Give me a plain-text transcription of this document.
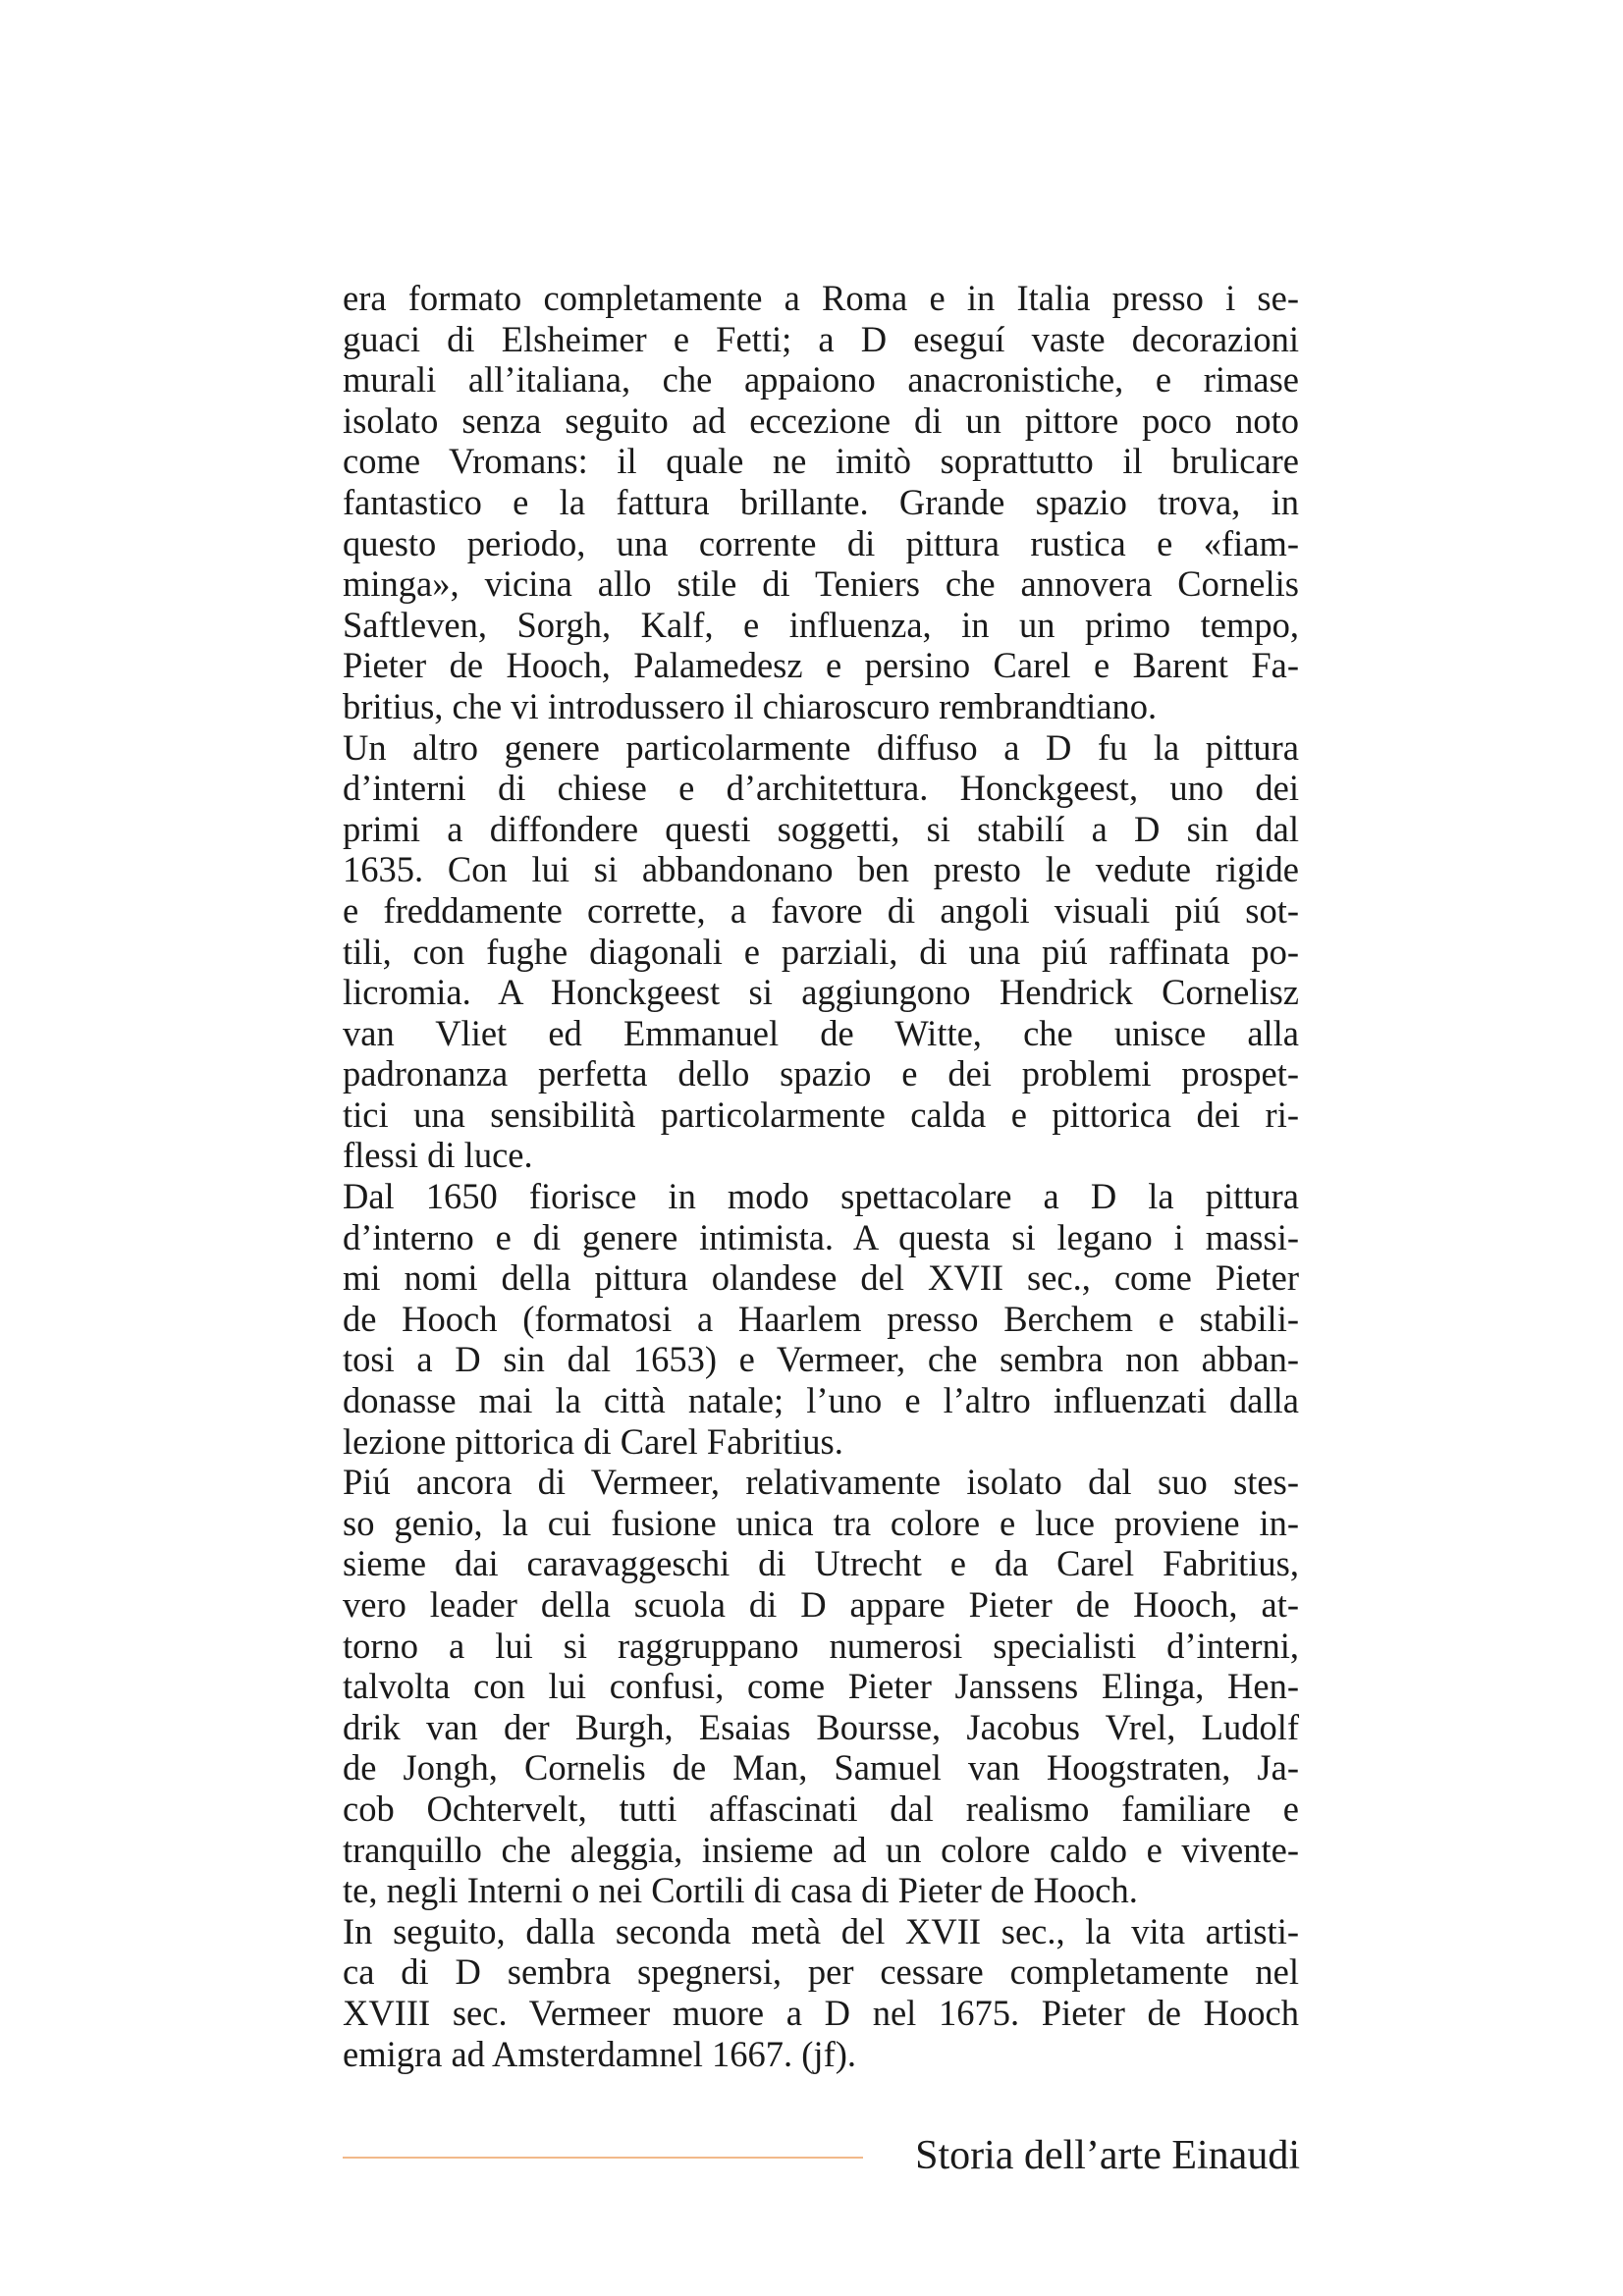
era formato completamente a Roma e in Italia presso i se-
guaci di Elsheimer e Fetti; a D eseguí vaste decorazioni
murali all’italiana, che appaiono anacronistiche, e rimase
isolato senza seguito ad eccezione di un pittore poco noto
come Vromans: il quale ne imitò soprattutto il brulicare
fantastico e la fattura brillante. Grande spazio trova, in
questo periodo, una corrente di pittura rustica e «fiam-
minga», vicina allo stile di Teniers che annovera Cornelis
Saftleven, Sorgh, Kalf, e influenza, in un primo tempo,
Pieter de Hooch, Palamedesz e persino Carel e Barent Fa-
britius, che vi introdussero il chiaroscuro rembrandtiano.
Un altro genere particolarmente diffuso a D fu la pittura
d’interni di chiese e d’architettura. Honckgeest, uno dei
primi a diffondere questi soggetti, si stabilí a D sin dal
1635. Con lui si abbandonano ben presto le vedute rigide
e freddamente corrette, a favore di angoli visuali piú sot-
tili, con fughe diagonali e parziali, di una piú raffinata po-
licromia. A Honckgeest si aggiungono Hendrick Cornelisz
van Vliet ed Emmanuel de Witte, che unisce alla
padronanza perfetta dello spazio e dei problemi prospet-
tici una sensibilità particolarmente calda e pittorica dei ri-
flessi di luce.
Dal 1650 fiorisce in modo spettacolare a D la pittura
d’interno e di genere intimista. A questa si legano i massi-
mi nomi della pittura olandese del XVII sec., come Pieter
de Hooch (formatosi a Haarlem presso Berchem e stabili-
tosi a D sin dal 1653) e Vermeer, che sembra non abban-
donasse mai la città natale; l’uno e l’altro influenzati dalla
lezione pittorica di Carel Fabritius.
Piú ancora di Vermeer, relativamente isolato dal suo stes-
so genio, la cui fusione unica tra colore e luce proviene in-
sieme dai caravaggeschi di Utrecht e da Carel Fabritius,
vero leader della scuola di D appare Pieter de Hooch, at-
torno a lui si raggruppano numerosi specialisti d’interni,
talvolta con lui confusi, come Pieter Janssens Elinga, Hen-
drik van der Burgh, Esaias Boursse, Jacobus Vrel, Ludolf
de Jongh, Cornelis de Man, Samuel van Hoogstraten, Ja-
cob Ochtervelt, tutti affascinati dal realismo familiare e
tranquillo che aleggia, insieme ad un colore caldo e vivente-
te, negli Interni o nei Cortili di casa di Pieter de Hooch.
In seguito, dalla seconda metà del XVII sec., la vita artisti-
ca di D sembra spegnersi, per cessare completamente nel
XVIII sec. Vermeer muore a D nel 1675. Pieter de Hooch
emigra ad Amsterdamnel 1667. (jf).
Storia dell’arte Einaudi
